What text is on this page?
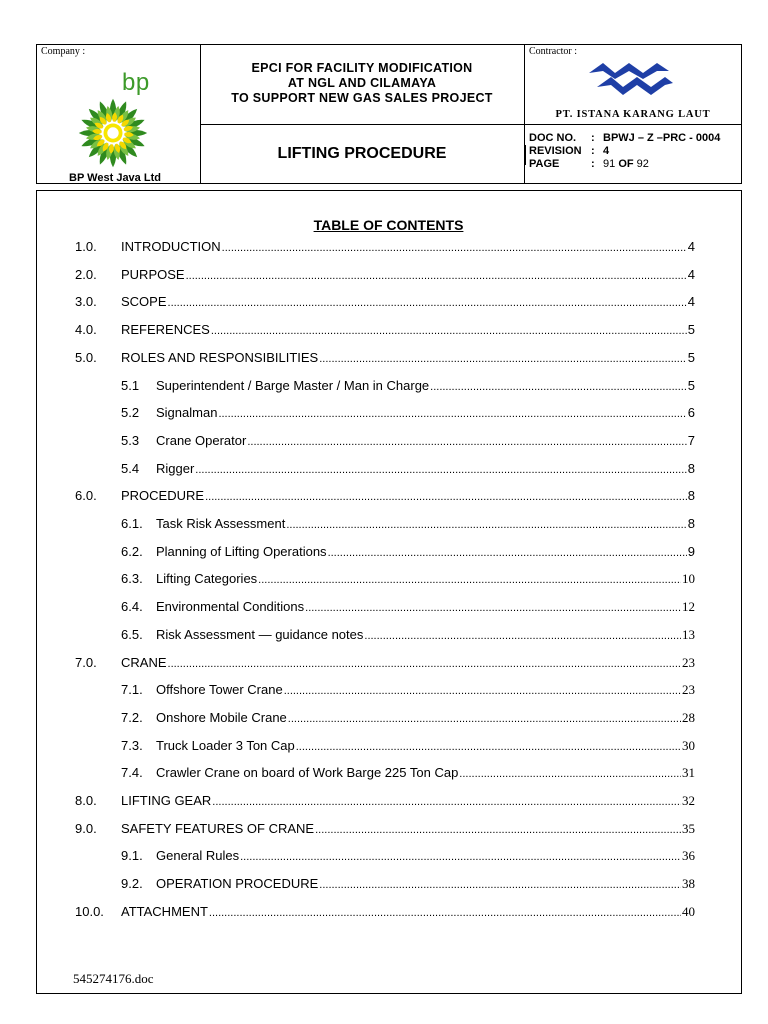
Company :
bp
BP West Java Ltd
EPCI FOR FACILITY MODIFICATION
AT NGL AND CILAMAYA
TO SUPPORT NEW GAS SALES PROJECT
LIFTING PROCEDURE
Contractor :
PT. ISTANA KARANG LAUT
DOC NO.	: BPWJ – Z –PRC - 0004
REVISION : 4
PAGE	: 91 OF 92
TABLE OF CONTENTS
1.0.	INTRODUCTION .....	4
2.0.	PURPOSE .....	4
3.0.	SCOPE .....	4
4.0.	REFERENCES .....	5
5.0.	ROLES AND RESPONSIBILITIES .....	5
5.1	Superintendent / Barge Master / Man in Charge .....	5
5.2	Signalman .....	6
5.3	Crane Operator .....	7
5.4	Rigger .....	8
6.0.	PROCEDURE .....	8
6.1.	Task Risk Assessment .....	8
6.2.	Planning of Lifting Operations .....	9
6.3.	Lifting Categories .....	10
6.4.	Environmental Conditions .....	12
6.5.	Risk Assessment — guidance notes .....	13
7.0.	CRANE .....	23
7.1.	Offshore Tower Crane .....	23
7.2.	Onshore Mobile Crane .....	28
7.3.	Truck Loader 3 Ton Cap .....	30
7.4.	Crawler Crane on board of Work Barge 225 Ton Cap .....	31
8.0.	LIFTING GEAR .....	32
9.0.	SAFETY FEATURES OF CRANE .....	35
9.1.	General Rules .....	36
9.2.	OPERATION PROCEDURE .....	38
10.0.	ATTACHMENT .....	40
545274176.doc
